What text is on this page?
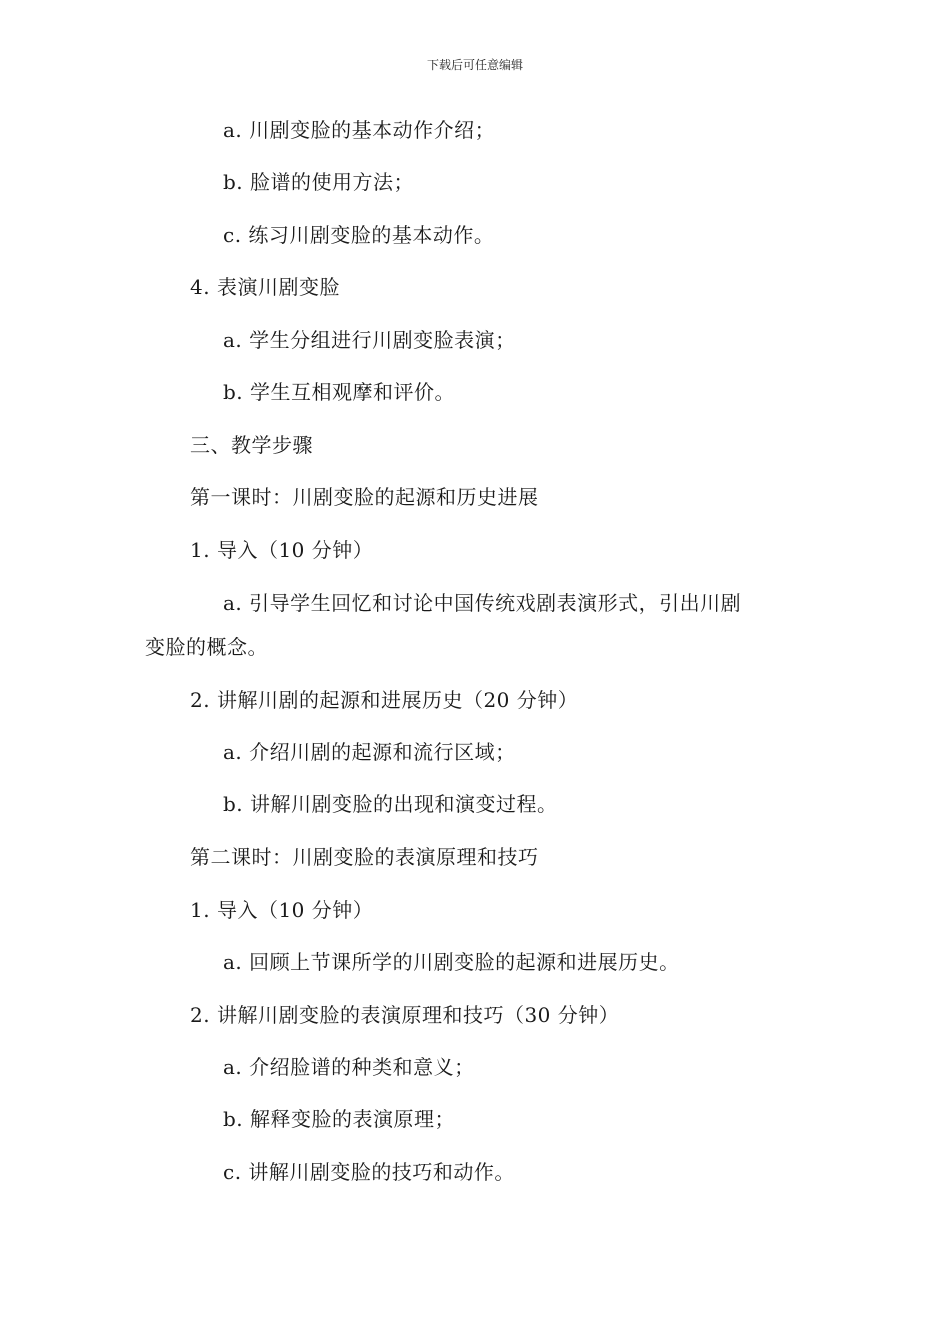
下载后可任意编辑
a. 川剧变脸的基本动作介绍；
b. 脸谱的使用方法；
c. 练习川剧变脸的基本动作。
4. 表演川剧变脸
a. 学生分组进行川剧变脸表演；
b. 学生互相观摩和评价。
三、教学步骤
第一课时：川剧变脸的起源和历史进展
1. 导入（10 分钟）
a. 引导学生回忆和讨论中国传统戏剧表演形式，引出川剧
变脸的概念。
2. 讲解川剧的起源和进展历史（20 分钟）
a. 介绍川剧的起源和流行区域；
b. 讲解川剧变脸的出现和演变过程。
第二课时：川剧变脸的表演原理和技巧
1. 导入（10 分钟）
a. 回顾上节课所学的川剧变脸的起源和进展历史。
2. 讲解川剧变脸的表演原理和技巧（30 分钟）
a. 介绍脸谱的种类和意义；
b. 解释变脸的表演原理；
c. 讲解川剧变脸的技巧和动作。
